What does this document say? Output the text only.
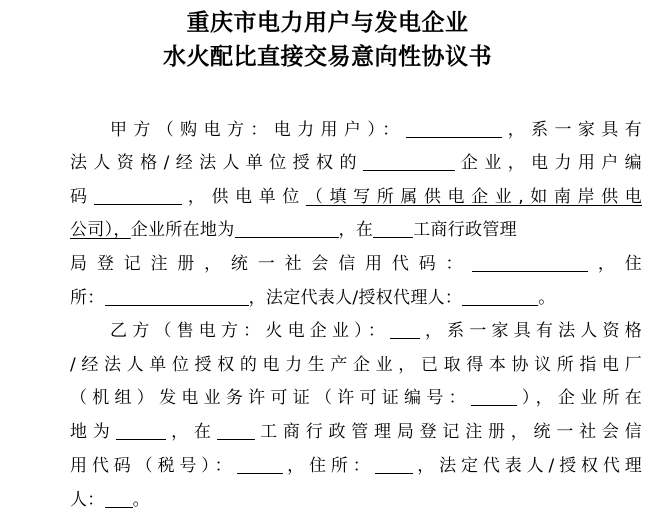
重庆市电力用户与发电企业
水火配比直接交易意向性协议书
甲方（购电方：电力用户）：	，系一家具有
法人资格/经法人单位授权的	企业，电力用户编
码	，供电单位（填写所属供电企业,如南岸供电
公司），企业所在地为	，在 工商行政管理
局登记注册，统一社会信用代码：	，住
所：	，法定代表人/授权代理人：	。
乙方（售电方：火电企业）： ，系一家具有法人资格
/经法人单位授权的电力生产企业，已取得本协议所指电厂
（机组）发电业务许可证（许可证编号：	），企业所在
地为	，在 工商行政管理局登记注册，统一社会信
用代码（税号）：	，住所： ，法定代表人/授权代理
人： 。
